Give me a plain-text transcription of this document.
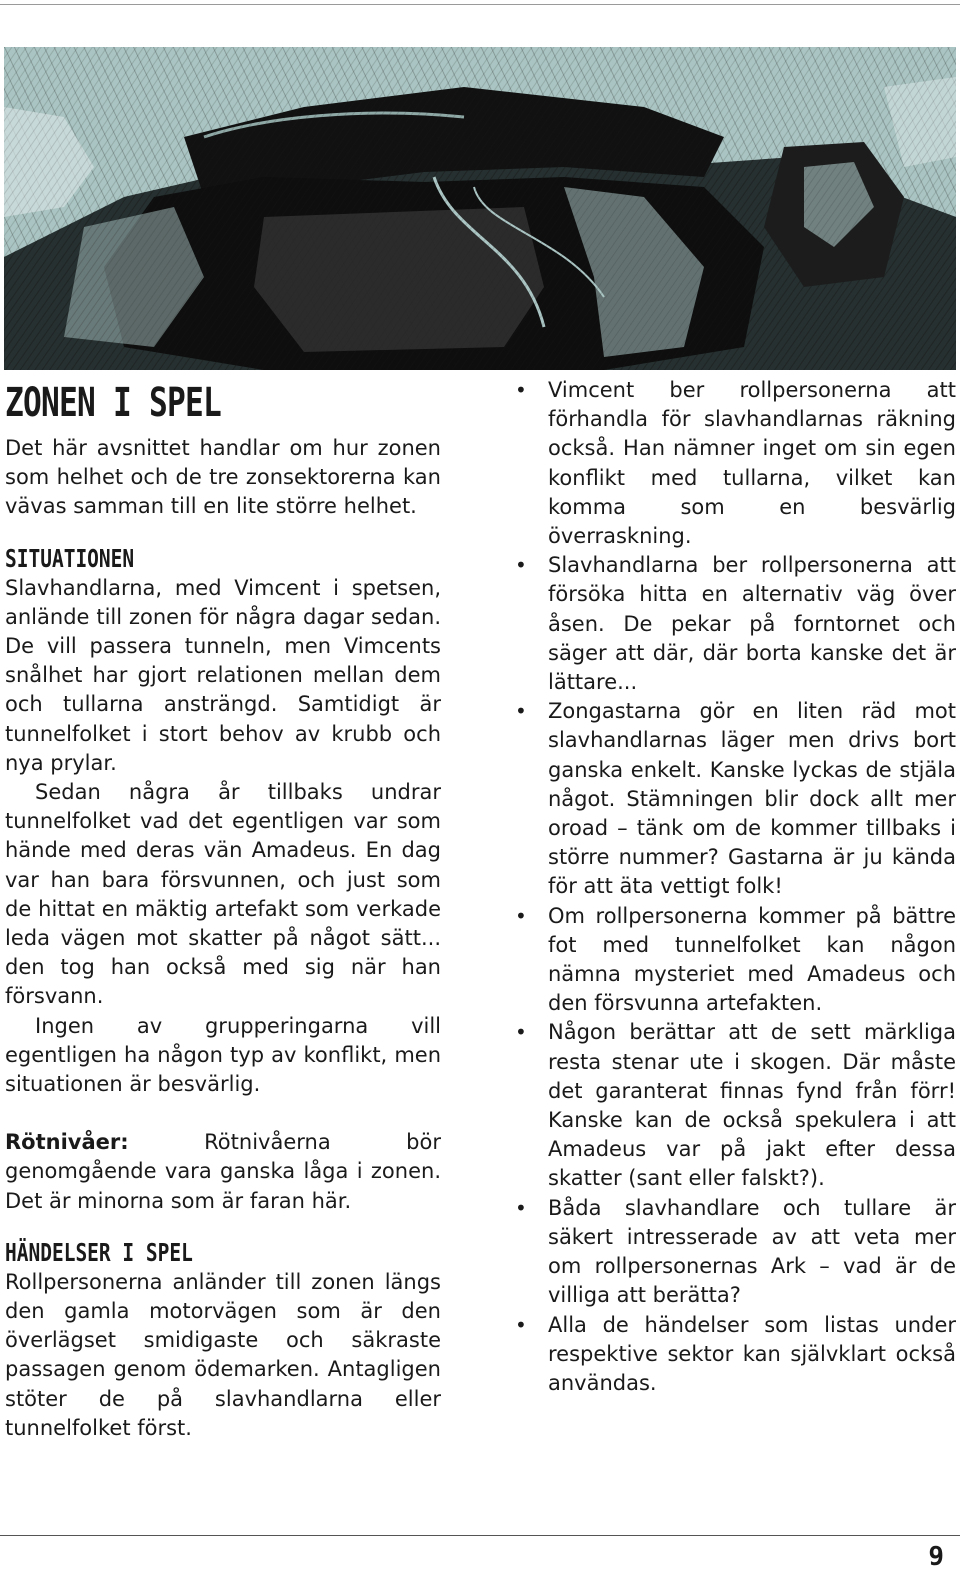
ZONEN I SPEL

Det här avsnittet handlar om hur zonen som helhet och de tre zonsektorerna kan vävas samman till en lite större helhet.

SITUATIONEN

Slavhandlarna, med Vimcent i spetsen, anlände till zonen för några dagar sedan. De vill passera tunneln, men Vimcents snålhet har gjort relationen mellan dem och tullarna ansträngd. Samtidigt är tunnelfolket i stort behov av krubb och nya prylar.

Sedan några år tillbaks undrar tunnelfolket vad det egentligen var som hände med deras vän Amadeus. En dag var han bara försvunnen, och just som de hittat en mäktig artefakt som verkade leda vägen mot skatter på något sätt... den tog han också med sig när han försvann.

Ingen av grupperingarna vill egentligen ha någon typ av konflikt, men situationen är besvärlig.

Rötnivåer: Rötnivåerna bör genomgående vara ganska låga i zonen. Det är minorna som är faran här.

HÄNDELSER I SPEL

Rollpersonerna anländer till zonen längs den gamla motorvägen som är den överlägset smidigaste och säkraste passagen genom ödemarken. Antagligen stöter de på slavhandlarna eller tunnelfolket först.

• Vimcent ber rollpersonerna att förhandla för slavhandlarnas räkning också. Han nämner inget om sin egen konflikt med tullarna, vilket kan komma som en besvärlig överraskning.
• Slavhandlarna ber rollpersonerna att försöka hitta en alternativ väg över åsen. De pekar på forntornet och säger att där, där borta kanske det är lättare...
• Zongastarna gör en liten räd mot slavhandlarnas läger men drivs bort ganska enkelt. Kanske lyckas de stjäla något. Stämningen blir dock allt mer oroad – tänk om de kommer tillbaks i större nummer? Gastarna är ju kända för att äta vettigt folk!
• Om rollpersonerna kommer på bättre fot med tunnelfolket kan någon nämna mysteriet med Amadeus och den försvunna artefakten.
• Någon berättar att de sett märkliga resta stenar ute i skogen. Där måste det garanterat finnas fynd från förr! Kanske kan de också spekulera i att Amadeus var på jakt efter dessa skatter (sant eller falskt?).
• Båda slavhandlare och tullare är säkert intresserade av att veta mer om rollpersonernas Ark – vad är de villiga att berätta?
• Alla de händelser som listas under respektive sektor kan självklart också användas.
9
